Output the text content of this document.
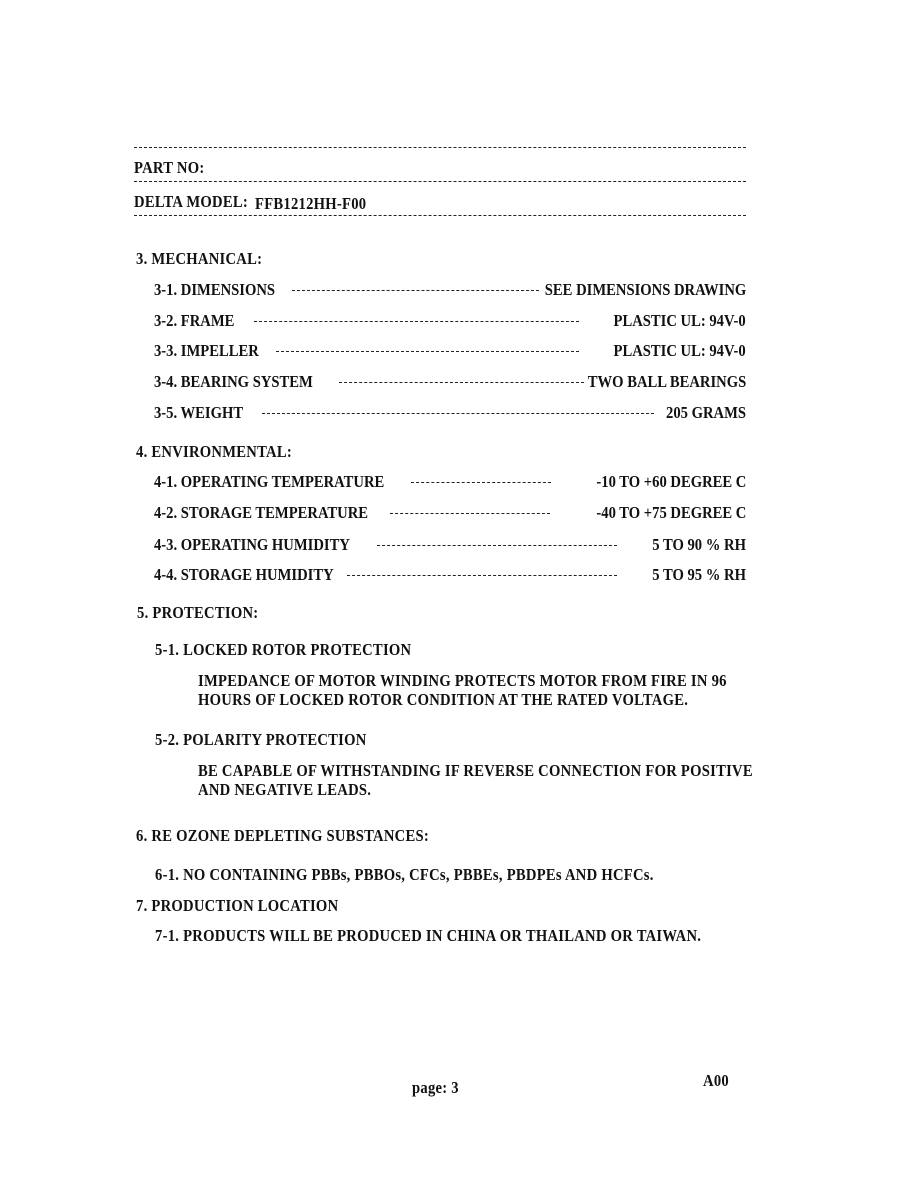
PART NO:
DELTA MODEL: FFB1212HH-F00
3. MECHANICAL:
3-1. DIMENSIONS	SEE DIMENSIONS DRAWING
3-2. FRAME	PLASTIC UL: 94V-0
3-3. IMPELLER	PLASTIC UL: 94V-0
3-4. BEARING SYSTEM	TWO BALL BEARINGS
3-5. WEIGHT	205 GRAMS
4. ENVIRONMENTAL:
4-1. OPERATING TEMPERATURE	-10 TO +60 DEGREE C
4-2. STORAGE TEMPERATURE	-40 TO +75 DEGREE C
4-3. OPERATING HUMIDITY	5 TO 90 % RH
4-4. STORAGE HUMIDITY	5 TO 95 % RH
5. PROTECTION:
5-1. LOCKED ROTOR PROTECTION
IMPEDANCE OF MOTOR WINDING PROTECTS MOTOR FROM FIRE IN 96
HOURS OF LOCKED ROTOR CONDITION AT THE RATED VOLTAGE.
5-2. POLARITY PROTECTION
BE CAPABLE OF WITHSTANDING IF REVERSE CONNECTION FOR POSITIVE
AND NEGATIVE LEADS.
6. RE OZONE DEPLETING SUBSTANCES:
6-1. NO CONTAINING PBBs, PBBOs, CFCs, PBBEs, PBDPEs AND HCFCs.
7. PRODUCTION LOCATION
7-1. PRODUCTS WILL BE PRODUCED IN CHINA OR THAILAND OR TAIWAN.
page: 3	A00
